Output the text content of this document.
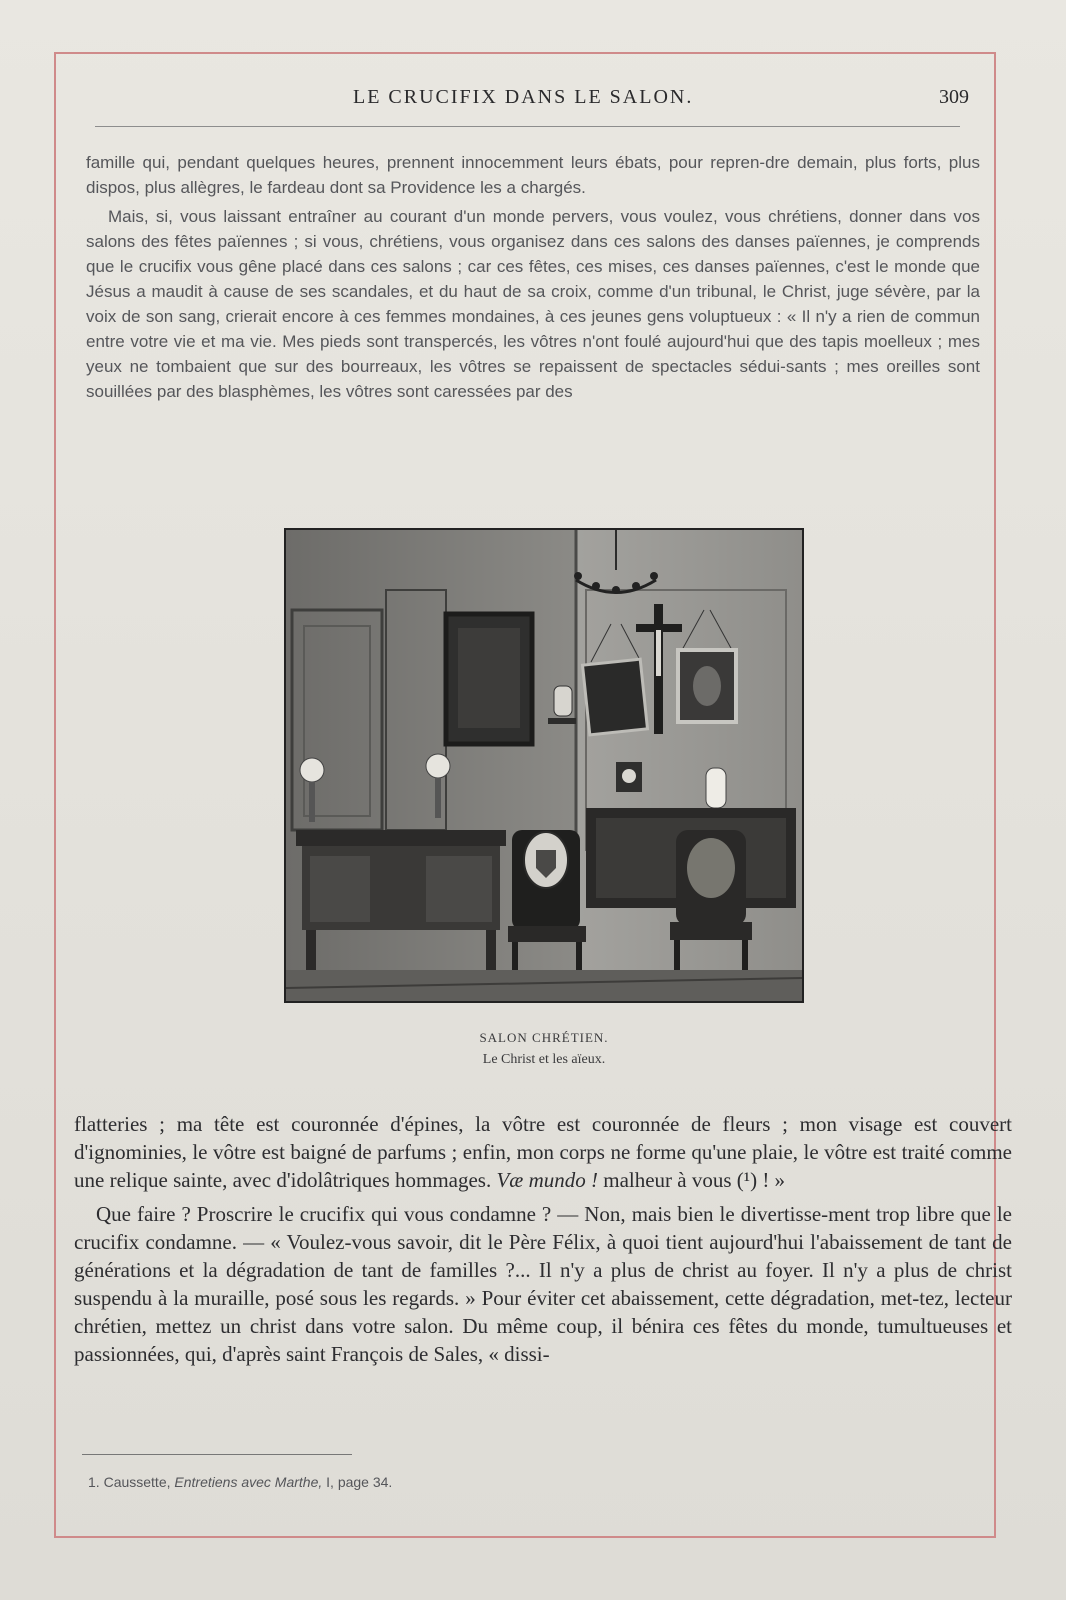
LE CRUCIFIX DANS LE SALON.	309

famille qui, pendant quelques heures, prennent innocemment leurs ébats, pour repren-dre demain, plus forts, plus dispos, plus allègres, le fardeau dont sa Providence les a chargés.

Mais, si, vous laissant entraîner au courant d'un monde pervers, vous voulez, vous chrétiens, donner dans vos salons des fêtes païennes ; si vous, chrétiens, vous organisez dans ces salons des danses païennes, je comprends que le crucifix vous gêne placé dans ces salons ; car ces fêtes, ces mises, ces danses païennes, c'est le monde que Jésus a maudit à cause de ses scandales, et du haut de sa croix, comme d'un tribunal, le Christ, juge sévère, par la voix de son sang, crierait encore à ces femmes mondaines, à ces jeunes gens voluptueux : « Il n'y a rien de commun entre votre vie et ma vie. Mes pieds sont transpercés, les vôtres n'ont foulé aujourd'hui que des tapis moelleux ; mes yeux ne tombaient que sur des bourreaux, les vôtres se repaissent de spectacles sédui-sants ; mes oreilles sont souillées par des blasphèmes, les vôtres sont caressées par des

SALON CHRÉTIEN.
Le Christ et les aïeux.

flatteries ; ma tête est couronnée d'épines, la vôtre est couronnée de fleurs ; mon visage est couvert d'ignominies, le vôtre est baigné de parfums ; enfin, mon corps ne forme qu'une plaie, le vôtre est traité comme une relique sainte, avec d'idolâtriques hommages. Væ mundo ! malheur à vous (¹) ! »

Que faire ? Proscrire le crucifix qui vous condamne ? — Non, mais bien le divertisse-ment trop libre que le crucifix condamne. — « Voulez-vous savoir, dit le Père Félix, à quoi tient aujourd'hui l'abaissement de tant de générations et la dégradation de tant de familles ?... Il n'y a plus de christ au foyer. Il n'y a plus de christ suspendu à la muraille, posé sous les regards. » Pour éviter cet abaissement, cette dégradation, met-tez, lecteur chrétien, mettez un christ dans votre salon. Du même coup, il bénira ces fêtes du monde, tumultueuses et passionnées, qui, d'après saint François de Sales, « dissi-

1. Caussette, Entretiens avec Marthe, I, page 34.
